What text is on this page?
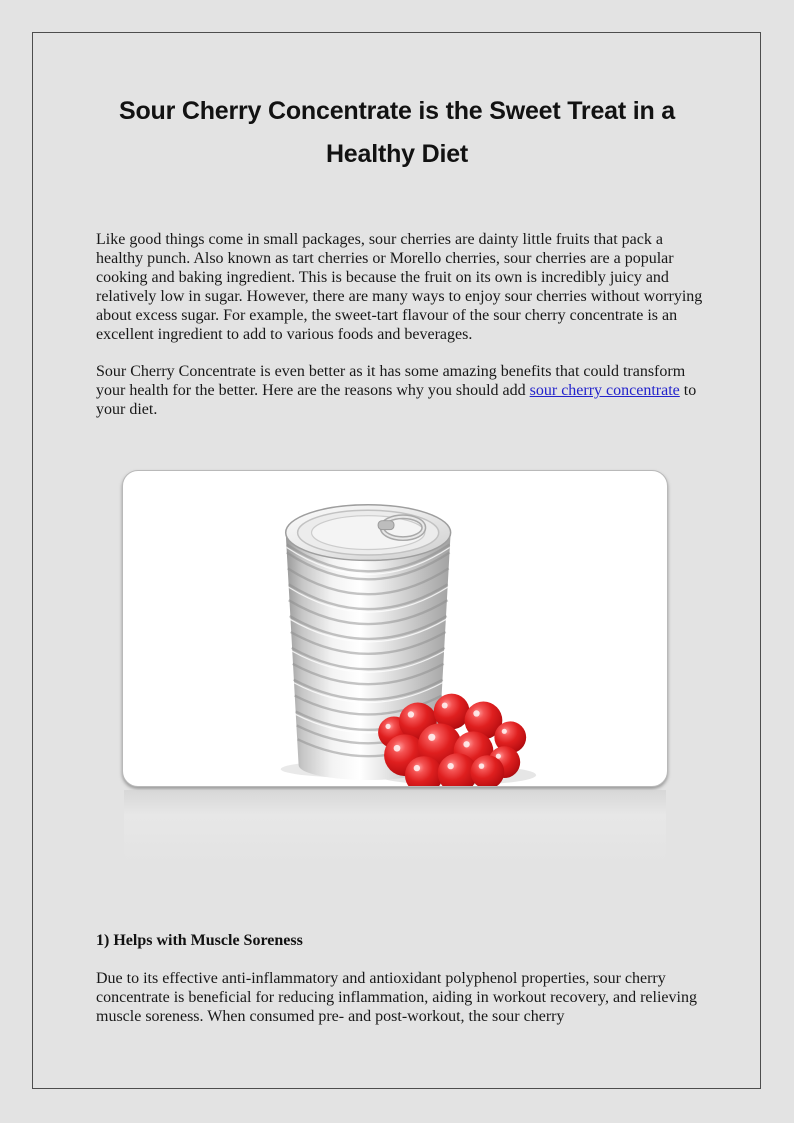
Sour Cherry Concentrate is the Sweet Treat in a
Healthy Diet

Like good things come in small packages, sour cherries are dainty little fruits that pack a healthy punch. Also known as tart cherries or Morello cherries, sour cherries are a popular cooking and baking ingredient. This is because the fruit on its own is incredibly juicy and relatively low in sugar. However, there are many ways to enjoy sour cherries without worrying about excess sugar. For example, the sweet-tart flavour of the sour cherry concentrate is an excellent ingredient to add to various foods and beverages.

Sour Cherry Concentrate is even better as it has some amazing benefits that could transform your health for the better. Here are the reasons why you should add sour cherry concentrate to your diet.

1) Helps with Muscle Soreness

Due to its effective anti-inflammatory and antioxidant polyphenol properties, sour cherry concentrate is beneficial for reducing inflammation, aiding in workout recovery, and relieving muscle soreness. When consumed pre- and post-workout, the sour cherry
